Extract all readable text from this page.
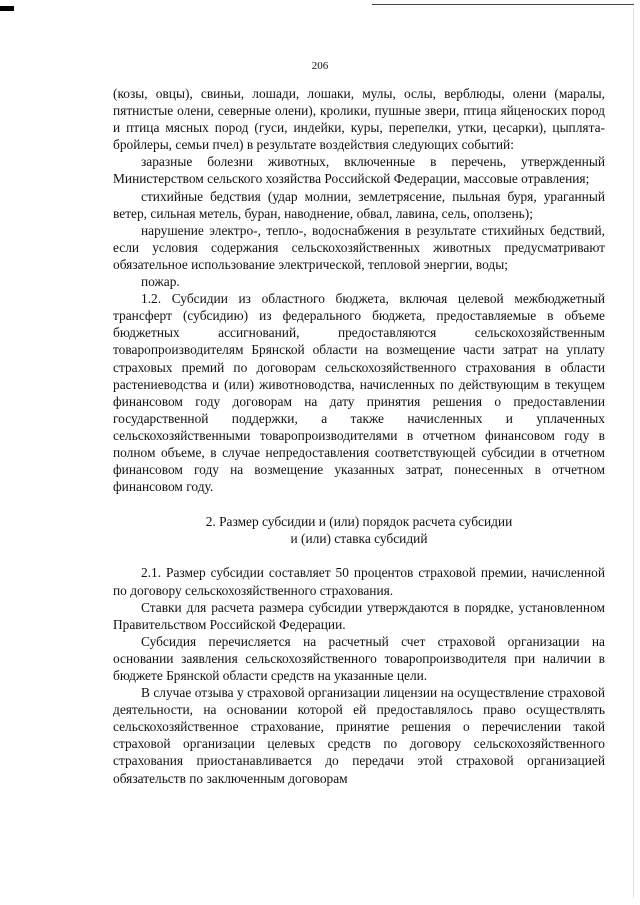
206

(козы, овцы), свиньи, лошади, лошаки, мулы, ослы, верблюды, олени (маралы, пятнистые олени, северные олени), кролики, пушные звери, птица яйценоских пород и птица мясных пород (гуси, индейки, куры, перепелки, утки, цесарки), цыплята-бройлеры, семьи пчел) в результате воздействия следующих событий:

заразные болезни животных, включенные в перечень, утвержденный Министерством сельского хозяйства Российской Федерации, массовые отравления;

стихийные бедствия (удар молнии, землетрясение, пыльная буря, ураганный ветер, сильная метель, буран, наводнение, обвал, лавина, сель, оползень);

нарушение электро-, тепло-, водоснабжения в результате стихийных бедствий, если условия содержания сельскохозяйственных животных предусматривают обязательное использование электрической, тепловой энергии, воды;

пожар.

1.2. Субсидии из областного бюджета, включая целевой межбюджетный трансферт (субсидию) из федерального бюджета, предоставляемые в объеме бюджетных ассигнований, предоставляются сельскохозяйственным товаропроизводителям Брянской области на возмещение части затрат на уплату страховых премий по договорам сельскохозяйственного страхования в области растениеводства и (или) животноводства, начисленных по действующим в текущем финансовом году договорам на дату принятия решения о предоставлении государственной поддержки, а также начисленных и уплаченных сельскохозяйственными товаропроизводителями в отчетном финансовом году в полном объеме, в случае непредоставления соответствующей субсидии в отчетном финансовом году на возмещение указанных затрат, понесенных в отчетном финансовом году.

2. Размер субсидии и (или) порядок расчета субсидии
и (или) ставка субсидий

2.1. Размер субсидии составляет 50 процентов страховой премии, начисленной по договору сельскохозяйственного страхования.

Ставки для расчета размера субсидии утверждаются в порядке, установленном Правительством Российской Федерации.

Субсидия перечисляется на расчетный счет страховой организации на основании заявления сельскохозяйственного товаропроизводителя при наличии в бюджете Брянской области средств на указанные цели.

В случае отзыва у страховой организации лицензии на осуществление страховой деятельности, на основании которой ей предоставлялось право осуществлять сельскохозяйственное страхование, принятие решения о перечислении такой страховой организации целевых средств по договору сельскохозяйственного страхования приостанавливается до передачи этой страховой организацией обязательств по заключенным договорам
